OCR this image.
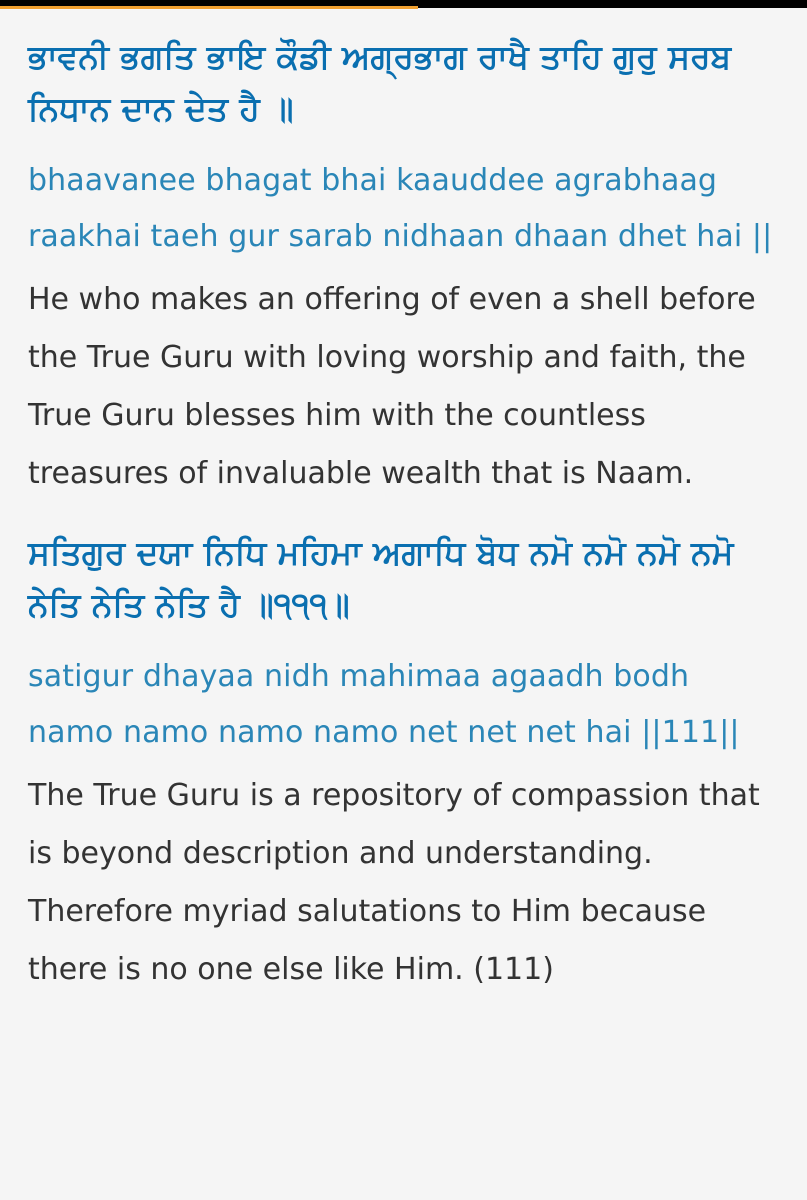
ਭਾਵਨੀ ਭਗਤਿ ਭਾਇ ਕੌਡੀ ਅਗ੍ਰਭਾਗ ਰਾਖੈ ਤਾਹਿ ਗੁਰੁ ਸਰਬ ਨਿਧਾਨ ਦਾਨ ਦੇਤ ਹੈ ॥

bhaavanee bhagat bhai kaauddee agrabhaag raakhai taeh gur sarab nidhaan dhaan dhet hai ||

He who makes an offering of even a shell before the True Guru with loving worship and faith, the True Guru blesses him with the countless treasures of invaluable wealth that is Naam.

ਸਤਿਗੁਰ ਦਯਾ ਨਿਧਿ ਮਹਿਮਾ ਅਗਾਧਿ ਬੋਧ ਨਮੋ ਨਮੋ ਨਮੋ ਨਮੋ ਨੇਤਿ ਨੇਤਿ ਨੇਤਿ ਹੈ ॥੧੧੧॥

satigur dhayaa nidh mahimaa agaadh bodh namo namo namo namo net net net hai ||111||

The True Guru is a repository of compassion that is beyond description and understanding. Therefore myriad salutations to Him because there is no one else like Him. (111)
